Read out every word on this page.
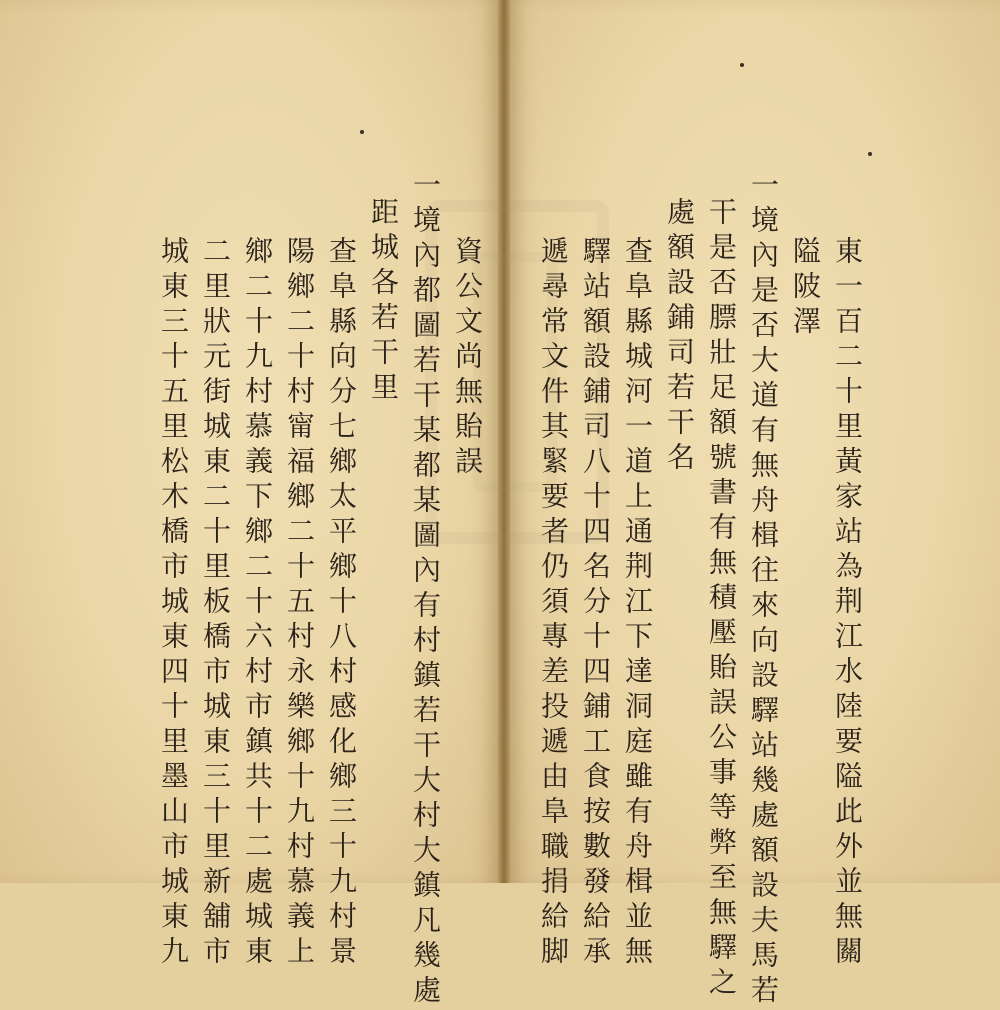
東一百二十里黃家站為荆江水陸要隘此外並無關
隘陂澤
一境內是否大道有無舟楫往來向設驛站幾處額設夫馬若
干是否膘壯足額號書有無積壓貽誤公事等弊至無驛之
處額設鋪司若干名
查阜縣城河一道上通荆江下達洞庭雖有舟楫並無
驛站額設鋪司八十四名分十四鋪工食按數發給承
遞尋常文件其緊要者仍須專差投遞由阜職捐給脚
資公文尚無貽誤
一境內都圖若干某都某圖內有村鎮若干大村大鎮凡幾處
距城各若干里
查阜縣向分七鄉太平鄉十八村感化鄉三十九村景
陽鄉二十村甯福鄉二十五村永樂鄉十九村慕義上
鄉二十九村慕義下鄉二十六村市鎮共十二處城東
二里狀元街城東二十里板橋市城東三十里新舖市
城東三十五里松木橋市城東四十里墨山市城東九
